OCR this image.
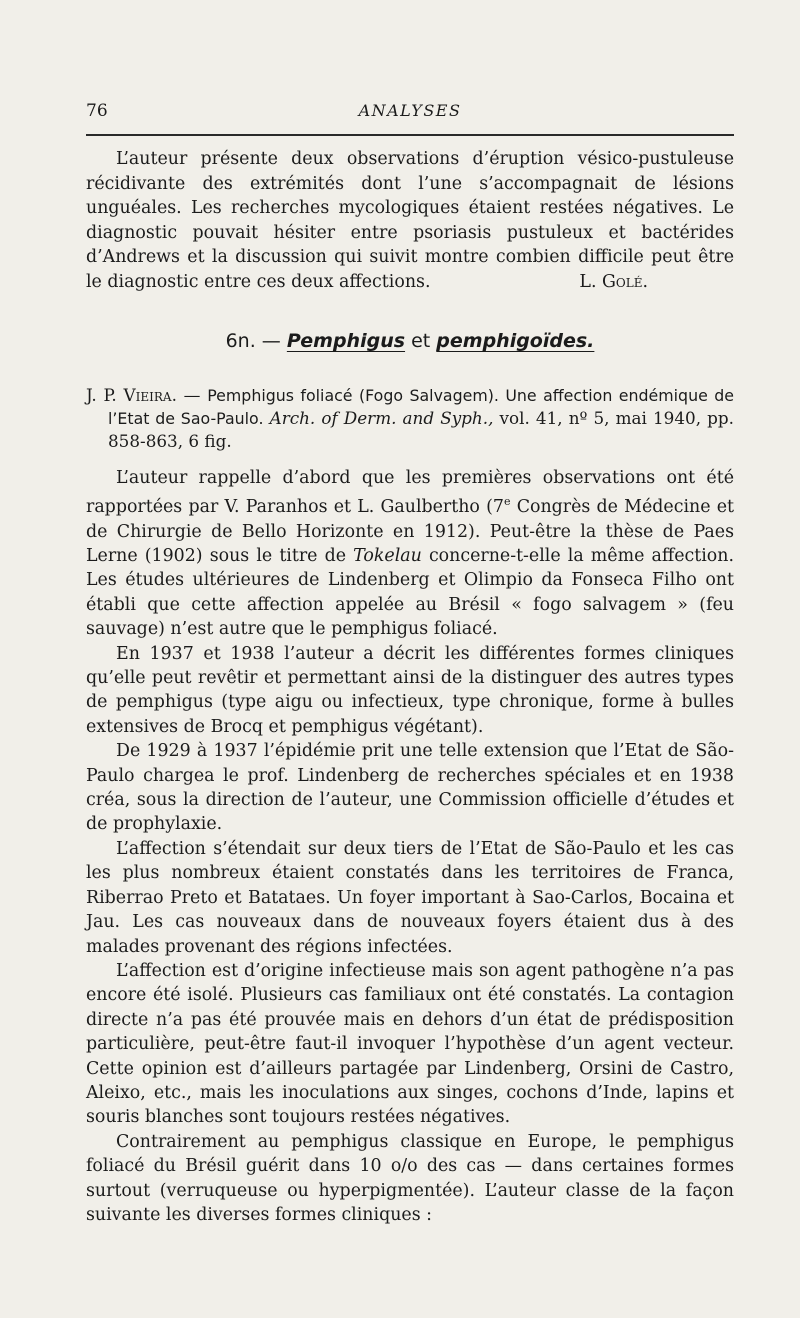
76	ANALYSES
L’auteur présente deux observations d’éruption vésico-pustuleuse récidivante des extrémités dont l’une s’accompagnait de lésions unguéales. Les recherches mycologiques étaient restées négatives. Le diagnostic pouvait hésiter entre psoriasis pustuleux et bactérides d’Andrews et la discussion qui suivit montre combien difficile peut être le diagnostic entre ces deux affections.	L. Golé.
6n. — Pemphigus et pemphigoïdes.
J. P. Vieira. — Pemphigus foliacé (Fogo Salvagem). Une affection endémique de l’Etat de Sao-Paulo. Arch. of Derm. and Syph., vol. 41, nº 5, mai 1940, pp. 858-863, 6 fig.

L’auteur rappelle d’abord que les premières observations ont été rapportées par V. Paranhos et L. Gaulbertho (7e Congrès de Médecine et de Chirurgie de Bello Horizonte en 1912). Peut-être la thèse de Paes Lerne (1902) sous le titre de Tokelau concerne-t-elle la même affection. Les études ultérieures de Lindenberg et Olimpio da Fonseca Filho ont établi que cette affection appelée au Brésil « fogo salvagem » (feu sauvage) n’est autre que le pemphigus foliacé.

En 1937 et 1938 l’auteur a décrit les différentes formes cliniques qu’elle peut revêtir et permettant ainsi de la distinguer des autres types de pemphigus (type aigu ou infectieux, type chronique, forme à bulles extensives de Brocq et pemphigus végétant).

De 1929 à 1937 l’épidémie prit une telle extension que l’Etat de São-Paulo chargea le prof. Lindenberg de recherches spéciales et en 1938 créa, sous la direction de l’auteur, une Commission officielle d’études et de prophylaxie.

L’affection s’étendait sur deux tiers de l’Etat de São-Paulo et les cas les plus nombreux étaient constatés dans les territoires de Franca, Riberrao Preto et Batataes. Un foyer important à Sao-Carlos, Bocaina et Jau. Les cas nouveaux dans de nouveaux foyers étaient dus à des malades provenant des régions infectées.

L’affection est d’origine infectieuse mais son agent pathogène n’a pas encore été isolé. Plusieurs cas familiaux ont été constatés. La contagion directe n’a pas été prouvée mais en dehors d’un état de prédisposition particulière, peut-être faut-il invoquer l’hypothèse d’un agent vecteur. Cette opinion est d’ailleurs partagée par Lindenberg, Orsini de Castro, Aleixo, etc., mais les inoculations aux singes, cochons d’Inde, lapins et souris blanches sont toujours restées négatives.

Contrairement au pemphigus classique en Europe, le pemphigus foliacé du Brésil guérit dans 10 o/o des cas — dans certaines formes surtout (verruqueuse ou hyperpigmentée). L’auteur classe de la façon suivante les diverses formes cliniques :
